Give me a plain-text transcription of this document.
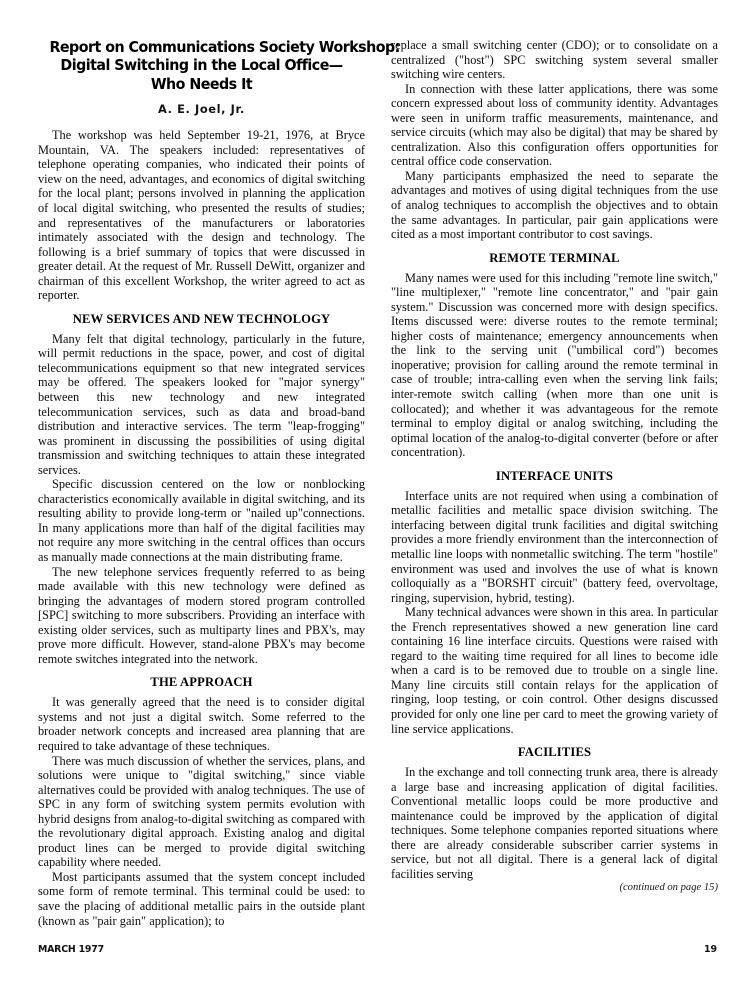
Report on Communications Society Workshop:
Digital Switching in the Local Office—
Who Needs It
A. E. Joel, Jr.

The workshop was held September 19-21, 1976, at Bryce Mountain, VA. The speakers included: representatives of telephone operating companies, who indicated their points of view on the need, advantages, and economics of digital switching for the local plant; persons involved in planning the application of local digital switching, who presented the results of studies; and representatives of the manufacturers or laboratories intimately associated with the design and technology. The following is a brief summary of topics that were discussed in greater detail. At the request of Mr. Russell DeWitt, organizer and chairman of this excellent Workshop, the writer agreed to act as reporter.

NEW SERVICES AND NEW TECHNOLOGY

Many felt that digital technology, particularly in the future, will permit reductions in the space, power, and cost of digital telecommunications equipment so that new integrated services may be offered. The speakers looked for "major synergy" between this new technology and new integrated telecommunication services, such as data and broad-band distribution and interactive services. The term "leap-frogging" was prominent in discussing the possibilities of using digital transmission and switching techniques to attain these integrated services.

Specific discussion centered on the low or nonblocking characteristics economically available in digital switching, and its resulting ability to provide long-term or "nailed up"connections. In many applications more than half of the digital facilities may not require any more switching in the central offices than occurs as manually made connections at the main distributing frame.

The new telephone services frequently referred to as being made available with this new technology were defined as bringing the advantages of modern stored program controlled [SPC] switching to more subscribers. Providing an interface with existing older services, such as multiparty lines and PBX's, may prove more difficult. However, stand-alone PBX's may become remote switches integrated into the network.

THE APPROACH

It was generally agreed that the need is to consider digital systems and not just a digital switch. Some referred to the broader network concepts and increased area planning that are required to take advantage of these techniques.

There was much discussion of whether the services, plans, and solutions were unique to "digital switching," since viable alternatives could be provided with analog techniques. The use of SPC in any form of switching system permits evolution with hybrid designs from analog-to-digital switching as compared with the revolutionary digital approach. Existing analog and digital product lines can be merged to provide digital switching capability where needed.

Most participants assumed that the system concept included some form of remote terminal. This terminal could be used: to save the placing of additional metallic pairs in the outside plant (known as "pair gain" application); to

replace a small switching center (CDO); or to consolidate on a centralized ("host") SPC switching system several smaller switching wire centers.

In connection with these latter applications, there was some concern expressed about loss of community identity. Advantages were seen in uniform traffic measurements, maintenance, and service circuits (which may also be digital) that may be shared by centralization. Also this configuration offers opportunities for central office code conservation.

Many participants emphasized the need to separate the advantages and motives of using digital techniques from the use of analog techniques to accomplish the objectives and to obtain the same advantages. In particular, pair gain applications were cited as a most important contributor to cost savings.

REMOTE TERMINAL

Many names were used for this including "remote line switch," "line multiplexer," "remote line concentrator," and "pair gain system." Discussion was concerned more with design specifics. Items discussed were: diverse routes to the remote terminal; higher costs of maintenance; emergency announcements when the link to the serving unit ("umbilical cord") becomes inoperative; provision for calling around the remote terminal in case of trouble; intra-calling even when the serving link fails; inter-remote switch calling (when more than one unit is collocated); and whether it was advantageous for the remote terminal to employ digital or analog switching, including the optimal location of the analog-to-digital converter (before or after concentration).

INTERFACE UNITS

Interface units are not required when using a combination of metallic facilities and metallic space division switching. The interfacing between digital trunk facilities and digital switching provides a more friendly environment than the interconnection of metallic line loops with nonmetallic switching. The term "hostile" environment was used and involves the use of what is known colloquially as a "BORSHT circuit" (battery feed, overvoltage, ringing, supervision, hybrid, testing).

Many technical advances were shown in this area. In particular the French representatives showed a new generation line card containing 16 line interface circuits. Questions were raised with regard to the waiting time required for all lines to become idle when a card is to be removed due to trouble on a single line. Many line circuits still contain relays for the application of ringing, loop testing, or coin control. Other designs discussed provided for only one line per card to meet the growing variety of line service applications.

FACILITIES

In the exchange and toll connecting trunk area, there is already a large base and increasing application of digital facilities. Conventional metallic loops could be more productive and maintenance could be improved by the application of digital techniques. Some telephone companies reported situations where there are already considerable subscriber carrier systems in service, but not all digital. There is a general lack of digital facilities serving

(continued on page 15)
MARCH 1977	19
